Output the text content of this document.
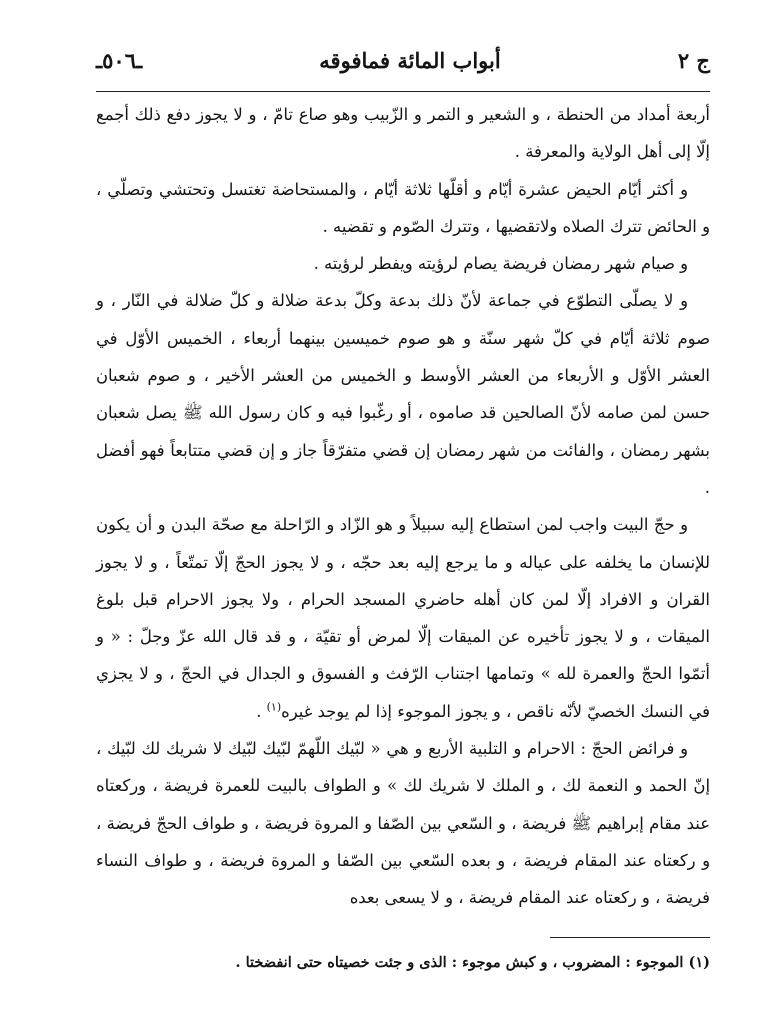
ج ٢
أبواب المائة فمافوقه
ـ٥٠٦ـ

أربعة أمداد من الحنطة ، و الشعير و التمر و الزّبيب وهو صاع تامّ ، و لا يجوز دفع ذلك أجمع إلّا إلى أهل الولاية والمعرفة .

و أكثر أيّام الحيض عشرة أيّام و أقلّها ثلاثة أيّام ، والمستحاضة تغتسل وتحتشي وتصلّي ، و الحائض تترك الصلاه ولاتقضيها ، وتترك الصّوم و تقضيه .

و صيام شهر رمضان فريضة يصام لرؤيته ويفطر لرؤيته .

و لا يصلّى التطوّع في جماعة لأنّ ذلك بدعة وكلّ بدعة ضلالة و كلّ ضلالة في النّار ، و صوم ثلاثة أيّام في كلّ شهر سنّة و هو صوم خميسين بينهما أربعاء ، الخميس الأوّل في العشر الأوّل و الأربعاء من العشر الأوسط و الخميس من العشر الأخير ، و صوم شعبان حسن لمن صامه لأنّ الصالحين قد صاموه ، أو رغّبوا فيه و كان رسول الله ﷺ يصل شعبان بشهر رمضان ، والفائت من شهر رمضان إن قضي متفرّقاً جاز و إن قضي متتابعاً فهو أفضل .

و حجّ البيت واجب لمن استطاع إليه سبيلاً و هو الزّاد و الرّاحلة مع صحّة البدن و أن يكون للإنسان ما يخلفه على عياله و ما يرجع إليه بعد حجّه ، و لا يجوز الحجّ إلّا تمتّعاً ، و لا يجوز القران و الافراد إلّا لمن كان أهله حاضري المسجد الحرام ، ولا يجوز الاحرام قبل بلوغ الميقات ، و لا يجوز تأخيره عن الميقات إلّا لمرض أو تقيّة ، و قد قال الله عزّ وجلّ : « و أتمّوا الحجّ والعمرة لله » وتمامها اجتناب الرّفث و الفسوق و الجدال في الحجّ ، و لا يجزي في النسك الخصيّ لأنّه ناقص ، و يجوز الموجوء إذا لم يوجد غيره$^{(١)}$ .

و فرائض الحجّ : الاحرام و التلبية الأربع و هي « لبّيك اللّهمّ لبّيك لبّيك لا شريك لك لبّيك ، إنّ الحمد و النعمة لك ، و الملك لا شريك لك » و الطواف بالبيت للعمرة فريضة ، وركعتاه عند مقام إبراهيم ﷺ فريضة ، و السّعي بين الصّفا و المروة فريضة ، و طواف الحجّ فريضة ، و ركعتاه عند المقام فريضة ، و بعده السّعي بين الصّفا و المروة فريضة ، و طواف النساء فريضة ، و ركعتاه عند المقام فريضة ، و لا يسعى بعده

(١) الموجوء : المضروب ، و كبش موجوء : الذى و جئت خصيتاه حتى انفضختا .
